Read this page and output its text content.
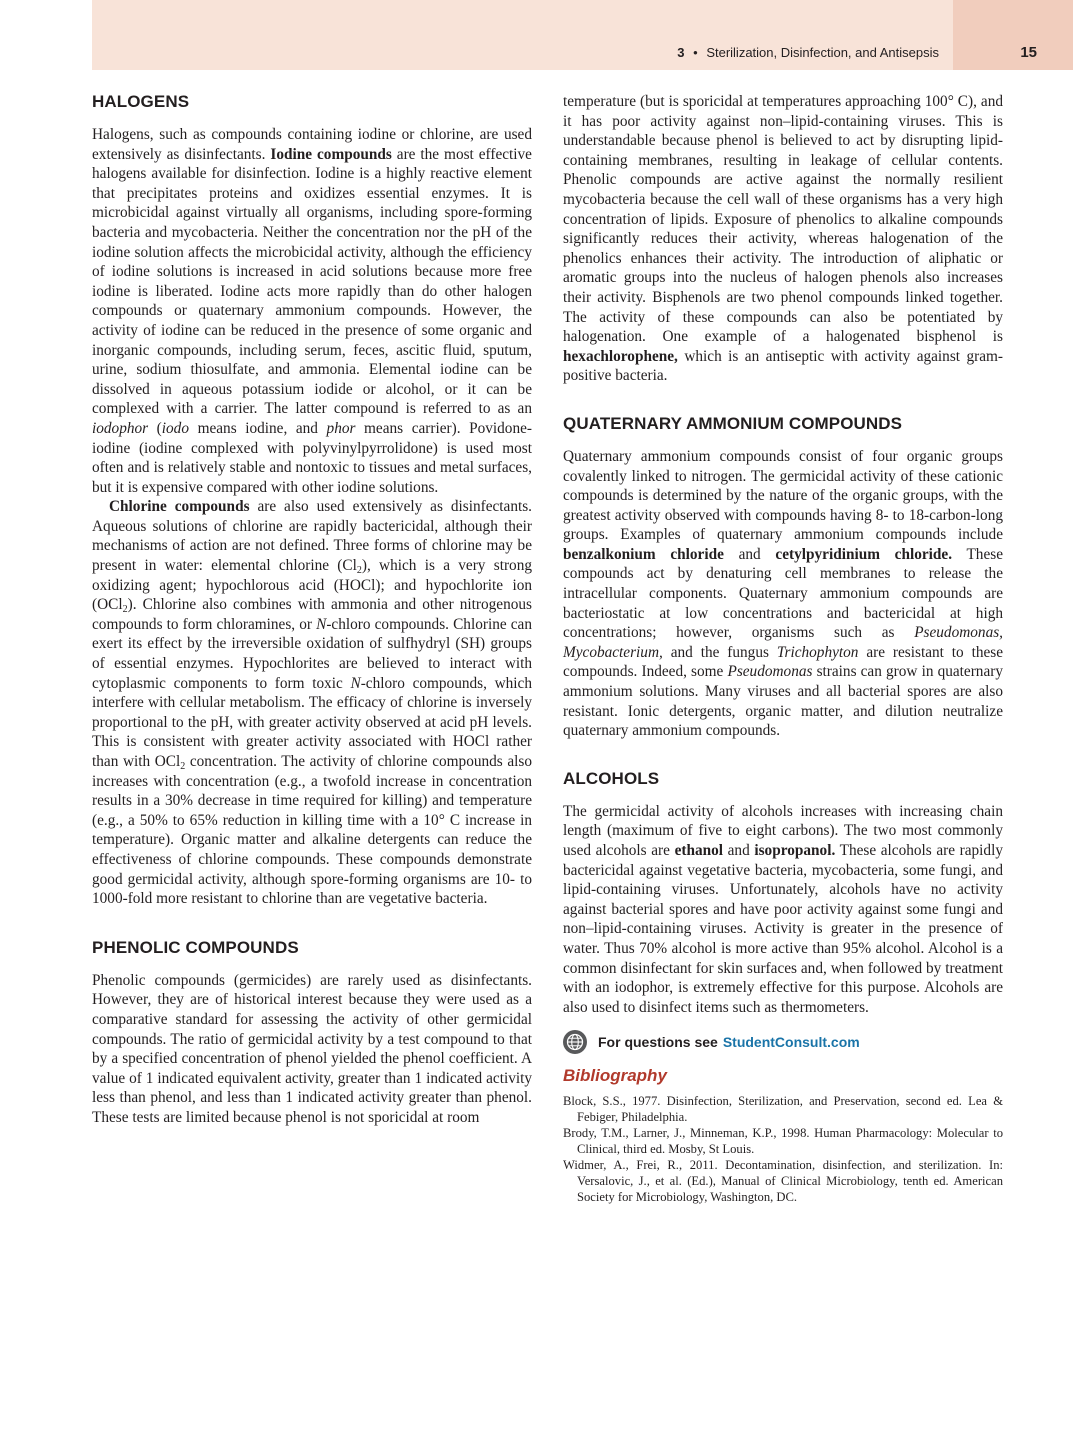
3 • Sterilization, Disinfection, and Antisepsis	15
HALOGENS

Halogens, such as compounds containing iodine or chlorine, are used extensively as disinfectants. Iodine compounds are the most effective halogens available for disinfection. Iodine is a highly reactive element that precipitates proteins and oxidizes essential enzymes. It is microbicidal against virtually all organisms, including spore-forming bacteria and mycobacteria. Neither the concentration nor the pH of the iodine solution affects the microbicidal activity, although the efficiency of iodine solutions is increased in acid solutions because more free iodine is liberated. Iodine acts more rapidly than do other halogen compounds or quaternary ammonium compounds. However, the activity of iodine can be reduced in the presence of some organic and inorganic compounds, including serum, feces, ascitic fluid, sputum, urine, sodium thiosulfate, and ammonia. Elemental iodine can be dissolved in aqueous potassium iodide or alcohol, or it can be complexed with a carrier. The latter compound is referred to as an iodophor (iodo means iodine, and phor means carrier). Povidone-iodine (iodine complexed with polyvinylpyrrolidone) is used most often and is relatively stable and nontoxic to tissues and metal surfaces, but it is expensive compared with other iodine solutions.

Chlorine compounds are also used extensively as disinfectants. Aqueous solutions of chlorine are rapidly bactericidal, although their mechanisms of action are not defined. Three forms of chlorine may be present in water: elemental chlorine $(Cl_2)$, which is a very strong oxidizing agent; hypochlorous acid (HOCl); and hypochlorite ion (OCl$_2$). Chlorine also combines with ammonia and other nitrogenous compounds to form chloramines, or N-chloro compounds. Chlorine can exert its effect by the irreversible oxidation of sulfhydryl (SH) groups of essential enzymes. Hypochlorites are believed to interact with cytoplasmic components to form toxic N-chloro compounds, which interfere with cellular metabolism. The efficacy of chlorine is inversely proportional to the pH, with greater activity observed at acid pH levels. This is consistent with greater activity associated with HOCl rather than with OCl$_2$ concentration. The activity of chlorine compounds also increases with concentration (e.g., a twofold increase in concentration results in a 30% decrease in time required for killing) and temperature (e.g., a 50% to 65% reduction in killing time with a 10° C increase in temperature). Organic matter and alkaline detergents can reduce the effectiveness of chlorine compounds. These compounds demonstrate good germicidal activity, although spore-forming organisms are 10- to 1000-fold more resistant to chlorine than are vegetative bacteria.

PHENOLIC COMPOUNDS

Phenolic compounds (germicides) are rarely used as disinfectants. However, they are of historical interest because they were used as a comparative standard for assessing the activity of other germicidal compounds. The ratio of germicidal activity by a test compound to that by a specified concentration of phenol yielded the phenol coefficient. A value of 1 indicated equivalent activity, greater than 1 indicated activity less than phenol, and less than 1 indicated activity greater than phenol. These tests are limited because phenol is not sporicidal at room

temperature (but is sporicidal at temperatures approaching 100° C), and it has poor activity against non–lipid-containing viruses. This is understandable because phenol is believed to act by disrupting lipid-containing membranes, resulting in leakage of cellular contents. Phenolic compounds are active against the normally resilient mycobacteria because the cell wall of these organisms has a very high concentration of lipids. Exposure of phenolics to alkaline compounds significantly reduces their activity, whereas halogenation of the phenolics enhances their activity. The introduction of aliphatic or aromatic groups into the nucleus of halogen phenols also increases their activity. Bisphenols are two phenol compounds linked together. The activity of these compounds can also be potentiated by halogenation. One example of a halogenated bisphenol is hexachlorophene, which is an antiseptic with activity against gram-positive bacteria.

QUATERNARY AMMONIUM COMPOUNDS

Quaternary ammonium compounds consist of four organic groups covalently linked to nitrogen. The germicidal activity of these cationic compounds is determined by the nature of the organic groups, with the greatest activity observed with compounds having 8- to 18-carbon-long groups. Examples of quaternary ammonium compounds include benzalkonium chloride and cetylpyridinium chloride. These compounds act by denaturing cell membranes to release the intracellular components. Quaternary ammonium compounds are bacteriostatic at low concentrations and bactericidal at high concentrations; however, organisms such as Pseudomonas, Mycobacterium, and the fungus Trichophyton are resistant to these compounds. Indeed, some Pseudomonas strains can grow in quaternary ammonium solutions. Many viruses and all bacterial spores are also resistant. Ionic detergents, organic matter, and dilution neutralize quaternary ammonium compounds.

ALCOHOLS

The germicidal activity of alcohols increases with increasing chain length (maximum of five to eight carbons). The two most commonly used alcohols are ethanol and isopropanol. These alcohols are rapidly bactericidal against vegetative bacteria, mycobacteria, some fungi, and lipid-containing viruses. Unfortunately, alcohols have no activity against bacterial spores and have poor activity against some fungi and non–lipid-containing viruses. Activity is greater in the presence of water. Thus 70% alcohol is more active than 95% alcohol. Alcohol is a common disinfectant for skin surfaces and, when followed by treatment with an iodophor, is extremely effective for this purpose. Alcohols are also used to disinfect items such as thermometers.

For questions see StudentConsult.com
Bibliography

Block, S.S., 1977. Disinfection, Sterilization, and Preservation, second ed. Lea & Febiger, Philadelphia.

Brody, T.M., Larner, J., Minneman, K.P., 1998. Human Pharmacology: Molecular to Clinical, third ed. Mosby, St Louis.

Widmer, A., Frei, R., 2011. Decontamination, disinfection, and sterilization. In: Versalovic, J., et al. (Ed.), Manual of Clinical Microbiology, tenth ed. American Society for Microbiology, Washington, DC.
